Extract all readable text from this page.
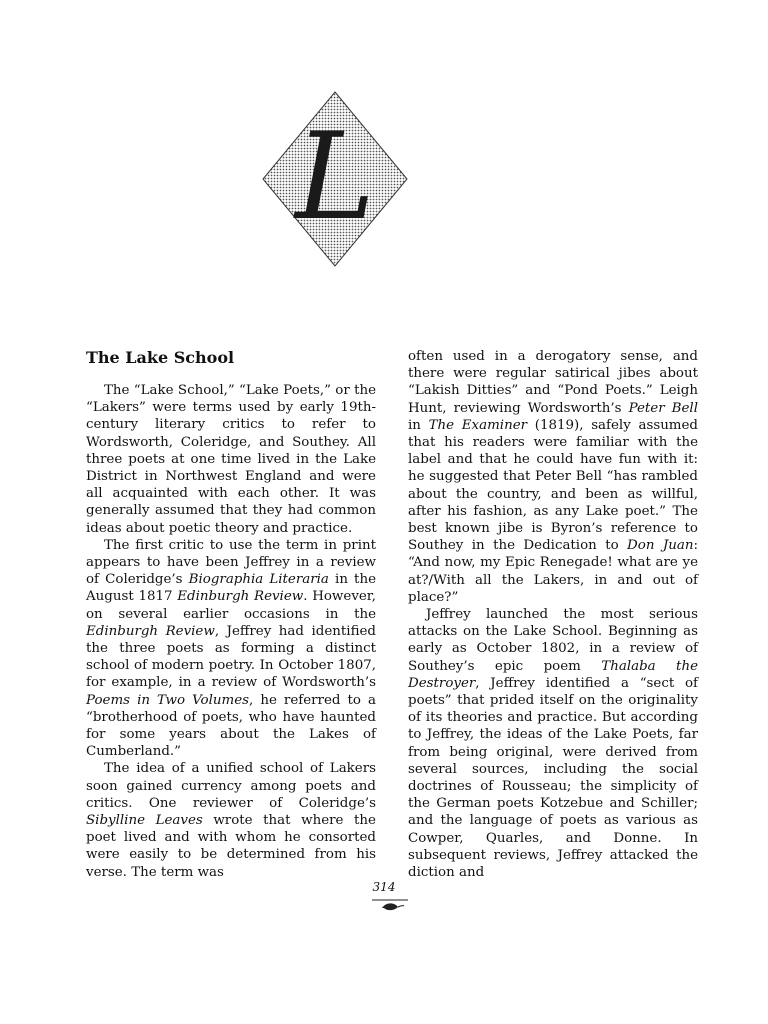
L
The Lake School

The “Lake School,” “Lake Poets,” or the “Lakers” were terms used by early 19th-century literary critics to refer to Wordsworth, Coleridge, and Southey. All three poets at one time lived in the Lake District in Northwest England and were all acquainted with each other. It was generally assumed that they had common ideas about poetic theory and practice.

The first critic to use the term in print appears to have been Jeffrey in a review of Coleridge’s Biographia Literaria in the August 1817 Edinburgh Review. However, on several earlier occasions in the Edinburgh Review, Jeffrey had identified the three poets as forming a distinct school of modern poetry. In October 1807, for example, in a review of Wordsworth’s Poems in Two Volumes, he referred to a “brotherhood of poets, who have haunted for some years about the Lakes of Cumberland.”

The idea of a unified school of Lakers soon gained currency among poets and critics. One reviewer of Coleridge’s Sibylline Leaves wrote that where the poet lived and with whom he consorted were easily to be determined from his verse. The term was

often used in a derogatory sense, and there were regular satirical jibes about “Lakish Ditties” and “Pond Poets.” Leigh Hunt, reviewing Wordsworth’s Peter Bell in The Examiner (1819), safely assumed that his readers were familiar with the label and that he could have fun with it: he suggested that Peter Bell “has rambled about the country, and been as willful, after his fashion, as any Lake poet.” The best known jibe is Byron’s reference to Southey in the Dedication to Don Juan: “And now, my Epic Renegade! what are ye at?/With all the Lakers, in and out of place?”

Jeffrey launched the most serious attacks on the Lake School. Beginning as early as October 1802, in a review of Southey’s epic poem Thalaba the Destroyer, Jeffrey identified a “sect of poets” that prided itself on the originality of its theories and practice. But according to Jeffrey, the ideas of the Lake Poets, far from being original, were derived from several sources, including the social doctrines of Rousseau; the simplicity of the German poets Kotzebue and Schiller; and the language of poets as various as Cowper, Quarles, and Donne. In subsequent reviews, Jeffrey attacked the diction and

314
